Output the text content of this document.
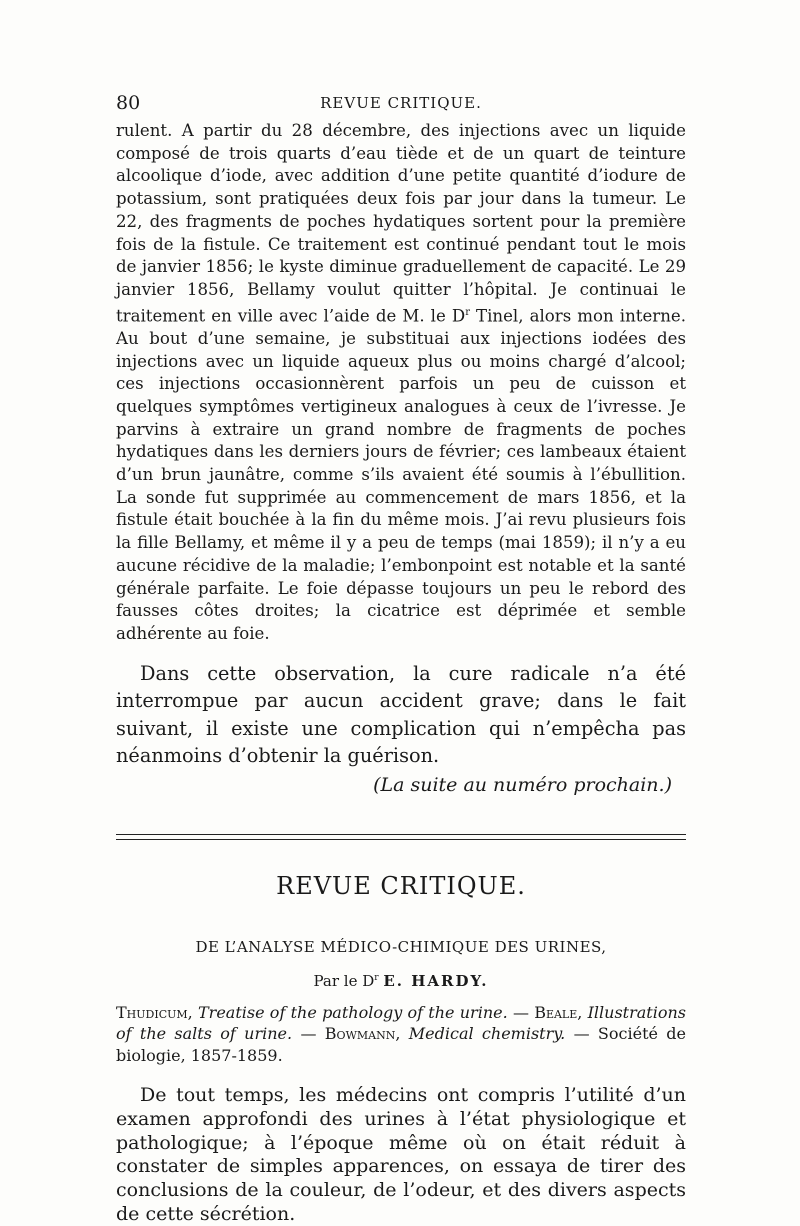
80	REVUE CRITIQUE.

rulent. A partir du 28 décembre, des injections avec un liquide composé de trois quarts d’eau tiède et de un quart de teinture alcoolique d’iode, avec addition d’une petite quantité d’iodure de potassium, sont pratiquées deux fois par jour dans la tumeur. Le 22, des fragments de poches hydatiques sortent pour la première fois de la fistule. Ce traitement est continué pendant tout le mois de janvier 1856; le kyste diminue graduellement de capacité. Le 29 janvier 1856, Bellamy voulut quitter l’hôpital. Je continuai le traitement en ville avec l’aide de M. le $D^r$ Tinel, alors mon interne. Au bout d’une semaine, je substituai aux injections iodées des injections avec un liquide aqueux plus ou moins chargé d’alcool; ces injections occasionnèrent parfois un peu de cuisson et quelques symptômes vertigineux analogues à ceux de l’ivresse. Je parvins à extraire un grand nombre de fragments de poches hydatiques dans les derniers jours de février; ces lambeaux étaient d’un brun jaunâtre, comme s’ils avaient été soumis à l’ébullition. La sonde fut supprimée au commencement de mars 1856, et la fistule était bouchée à la fin du même mois. J’ai revu plusieurs fois la fille Bellamy, et même il y a peu de temps (mai 1859); il n’y a eu aucune récidive de la maladie; l’embonpoint est notable et la santé générale parfaite. Le foie dépasse toujours un peu le rebord des fausses côtes droites; la cicatrice est déprimée et semble adhérente au foie.

Dans cette observation, la cure radicale n’a été interrompue par aucun accident grave; dans le fait suivant, il existe une complication qui n’empêcha pas néanmoins d’obtenir la guérison.

(La suite au numéro prochain.)
REVUE CRITIQUE.
DE L’ANALYSE MÉDICO-CHIMIQUE DES URINES,
Par le $D^r$ E. HARDY.

Thudicum, Treatise of the pathology of the urine. — Beale, Illustrations of the salts of urine. — Bowmann, Medical chemistry. — Société de biologie, 1857-1859.

De tout temps, les médecins ont compris l’utilité d’un examen approfondi des urines à l’état physiologique et pathologique; à l’époque même où on était réduit à constater de simples apparences, on essaya de tirer des conclusions de la couleur, de l’odeur, et des divers aspects de cette sécrétion.
